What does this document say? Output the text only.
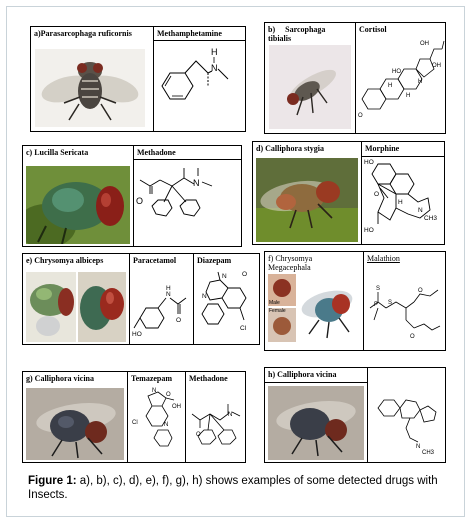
a)Parasarcophaga ruficornis	Methamphetamine
N
H
b) Sarcophaga
tibialis
Cortisol
O
HO
OH
OH
H
H
H
c) Lucilla Sericata	Methadone
O
N
d) Calliphora stygia	Morphine
HO
HO
O
N
CH3
H
e) Chrysomya albiceps	Paracetamol
N
H
O
HO
Diazepam
N
N
O
Cl
f) Chrysomya
Megacephala
Male
Female
Malathion
S
P S
O
O
g) Calliphora vicina	Temazepam
N
O
OH
Cl	N
Methadone
O
N
h) Calliphora vicina
N
CH3
Figure 1: a), b), c), d), e), f), g), h) shows examples of some detected drugs with Insects.
